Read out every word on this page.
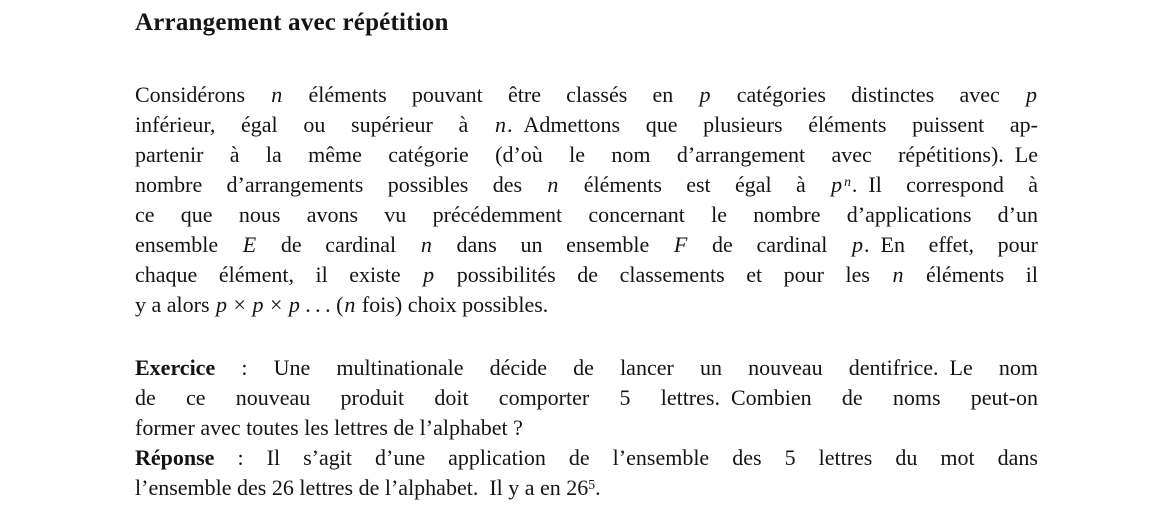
Arrangement avec répétition
Considérons n éléments pouvant être classés en p catégories distinctes avec p
inférieur, égal ou supérieur à n. Admettons que plusieurs éléments puissent ap-
partenir à la même catégorie (d’où le nom d’arrangement avec répétitions). Le
nombre d’arrangements possibles des n éléments est égal à p $^n$. Il correspond à
ce que nous avons vu précédemment concernant le nombre d’applications d’un
ensemble E de cardinal n dans un ensemble F de cardinal p. En effet, pour
chaque élément, il existe p possibilités de classements et pour les n éléments il
y a alors p × p × p . . . (n fois) choix possibles.
Exercice : Une multinationale décide de lancer un nouveau dentifrice. Le nom
de ce nouveau produit doit comporter 5 lettres. Combien de noms peut-on
former avec toutes les lettres de l’alphabet ?
Réponse : Il s’agit d’une application de l’ensemble des 5 lettres du mot dans
l’ensemble des 26 lettres de l’alphabet. Il y a en $26^5$.
